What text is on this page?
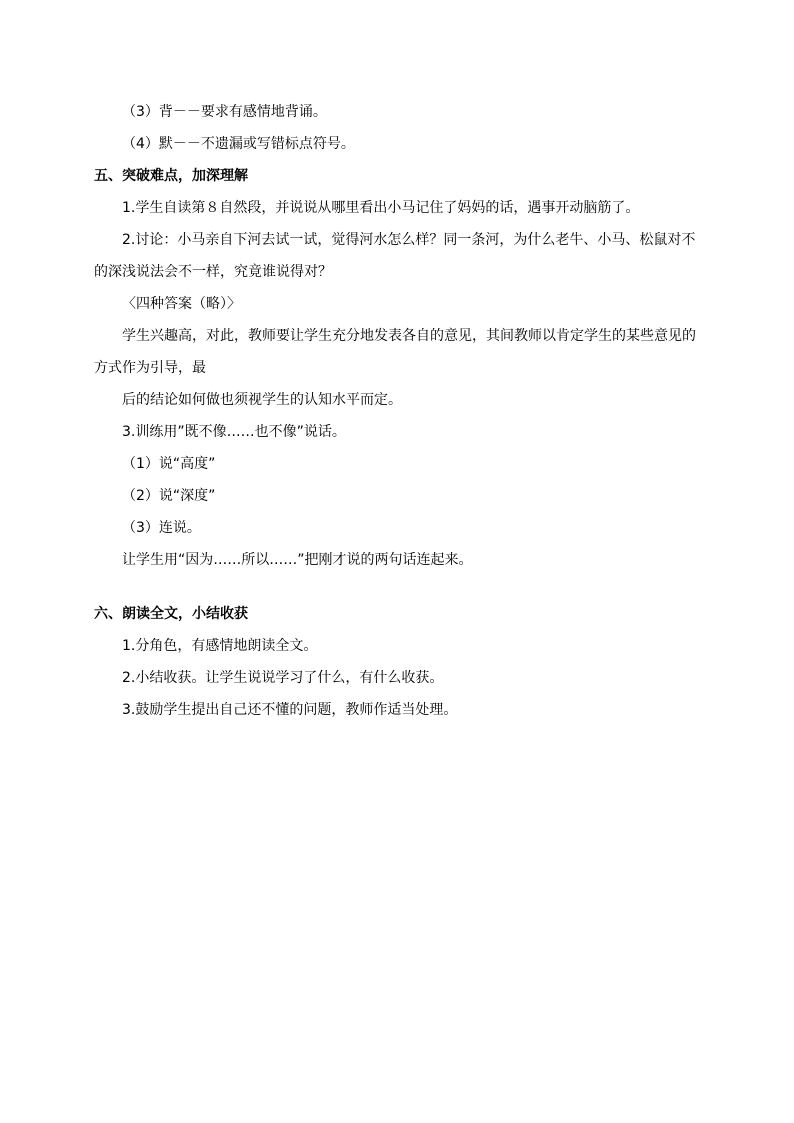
（3）背－－要求有感情地背诵。
（4）默－－不遗漏或写错标点符号。
五、突破难点，加深理解
1.学生自读第８自然段，并说说从哪里看出小马记住了妈妈的话，遇事开动脑筋了。
2.讨论：小马亲自下河去试一试，觉得河水怎么样？同一条河，为什么老牛、小马、松鼠对不
的深浅说法会不一样，究竟谁说得对？
〈四种答案（略）〉
学生兴趣高，对此，教师要让学生充分地发表各自的意见，其间教师以肯定学生的某些意见的
方式作为引导，最
后的结论如何做也须视学生的认知水平而定。
3.训练用”既不像……也不像”说话。
（1）说“高度”
（2）说“深度”
（3）连说。
让学生用“因为……所以……”把刚才说的两句话连起来。
六、朗读全文，小结收获
1.分角色，有感情地朗读全文。
2.小结收获。让学生说说学习了什么，有什么收获。
3.鼓励学生提出自己还不懂的问题，教师作适当处理。
